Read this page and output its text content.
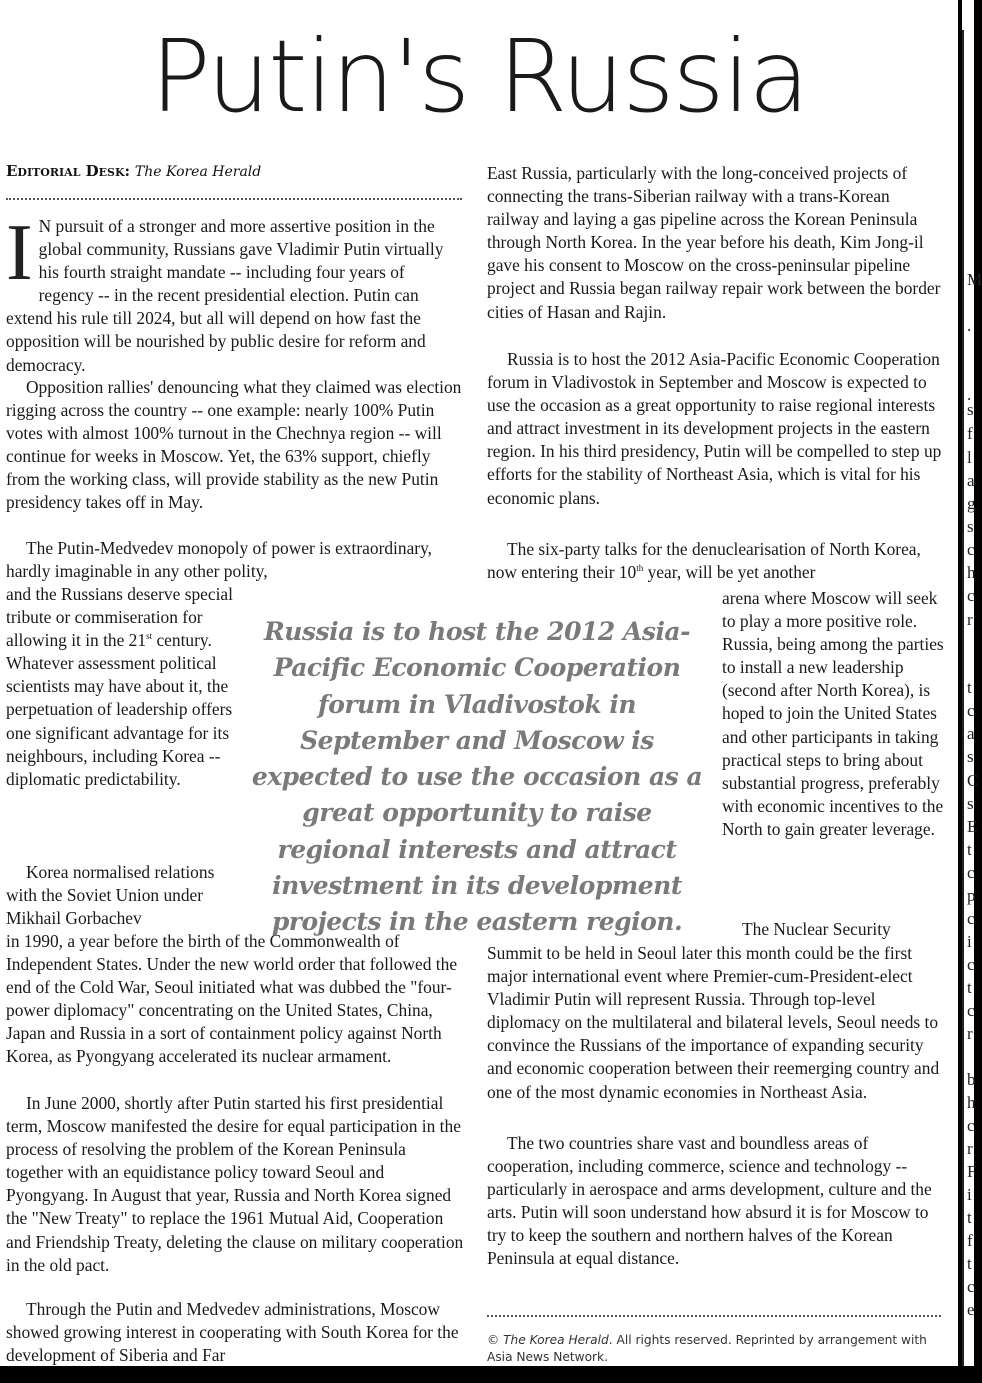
Putin's Russia
Editorial Desk: The Korea Herald
I N pursuit of a stronger and more assertive position in the global community, Russians gave Vladimir Putin virtually his fourth straight mandate -- including four years of regency -- in the recent presidential election. Putin can extend his rule till 2024, but all will depend on how fast the opposition will be nourished by public desire for reform and democracy.

Opposition rallies' denouncing what they claimed was election rigging across the country -- one example: nearly 100% Putin votes with almost 100% turnout in the Chechnya region -- will continue for weeks in Moscow. Yet, the 63% support, chiefly from the working class, will provide stability as the new Putin presidency takes off in May.

The Putin-Medvedev monopoly of power is extraordinary, hardly imaginable in any other polity,

and the Russians deserve special tribute or commiseration for allowing it in the 21st century. Whatever assessment political scientists may have about it, the perpetuation of leadership offers one significant advantage for its neighbours, including Korea -- diplomatic predictability.

Korea normalised relations with the Soviet Union under Mikhail Gorbachev

in 1990, a year before the birth of the Commonwealth of Independent States. Under the new world order that followed the end of the Cold War, Seoul initiated what was dubbed the "four-power diplomacy" concentrating on the United States, China, Japan and Russia in a sort of containment policy against North Korea, as Pyongyang accelerated its nuclear armament.

In June 2000, shortly after Putin started his first presidential term, Moscow manifested the desire for equal participation in the process of resolving the problem of the Korean Peninsula together with an equidistance policy toward Seoul and Pyongyang. In August that year, Russia and North Korea signed the "New Treaty" to replace the 1961 Mutual Aid, Cooperation and Friendship Treaty, deleting the clause on military cooperation in the old pact.

Through the Putin and Medvedev administrations, Moscow showed growing interest in cooperating with South Korea for the development of Siberia and Far

East Russia, particularly with the long-conceived projects of connecting the trans-Siberian railway with a trans-Korean railway and laying a gas pipeline across the Korean Peninsula through North Korea. In the year before his death, Kim Jong-il gave his consent to Moscow on the cross-peninsular pipeline project and Russia began railway repair work between the border cities of Hasan and Rajin.

Russia is to host the 2012 Asia-Pacific Economic Cooperation forum in Vladivostok in September and Moscow is expected to use the occasion as a great opportunity to raise regional interests and attract investment in its development projects in the eastern region. In his third presidency, Putin will be compelled to step up efforts for the stability of Northeast Asia, which is vital for his economic plans.

The six-party talks for the denuclearisation of North Korea, now entering their 10th year, will be yet another

arena where Moscow will seek to play a more positive role. Russia, being among the parties to install a new leadership (second after North Korea), is hoped to join the United States and other participants in taking practical steps to bring about substantial progress, preferably with economic incentives to the North to gain greater leverage.

The Nuclear Security

Summit to be held in Seoul later this month could be the first major international event where Premier-cum-President-elect Vladimir Putin will represent Russia. Through top-level diplomacy on the multilateral and bilateral levels, Seoul needs to convince the Russians of the importance of expanding security and economic cooperation between their reemerging country and one of the most dynamic economies in Northeast Asia.

The two countries share vast and boundless areas of cooperation, including commerce, science and technology -- particularly in aerospace and arms development, culture and the arts. Putin will soon understand how absurd it is for Moscow to try to keep the southern and northern halves of the Korean Peninsula at equal distance.

© The Korea Herald. All rights reserved. Reprinted by arrangement with Asia News Network.

Russia is to host the 2012 Asia-Pacific Economic Cooperation forum in Vladivostok in September and Moscow is expected to use the occasion as a great opportunity to raise regional interests and attract investment in its development projects in the eastern region.

M
.
.
s
f
l
a
g
s
c
h
c
r
t
c
a
s
C
s
E
t
c
p
c
i
c
t
c
r
b
h
c
r
F
i
t
f
t
c
e
